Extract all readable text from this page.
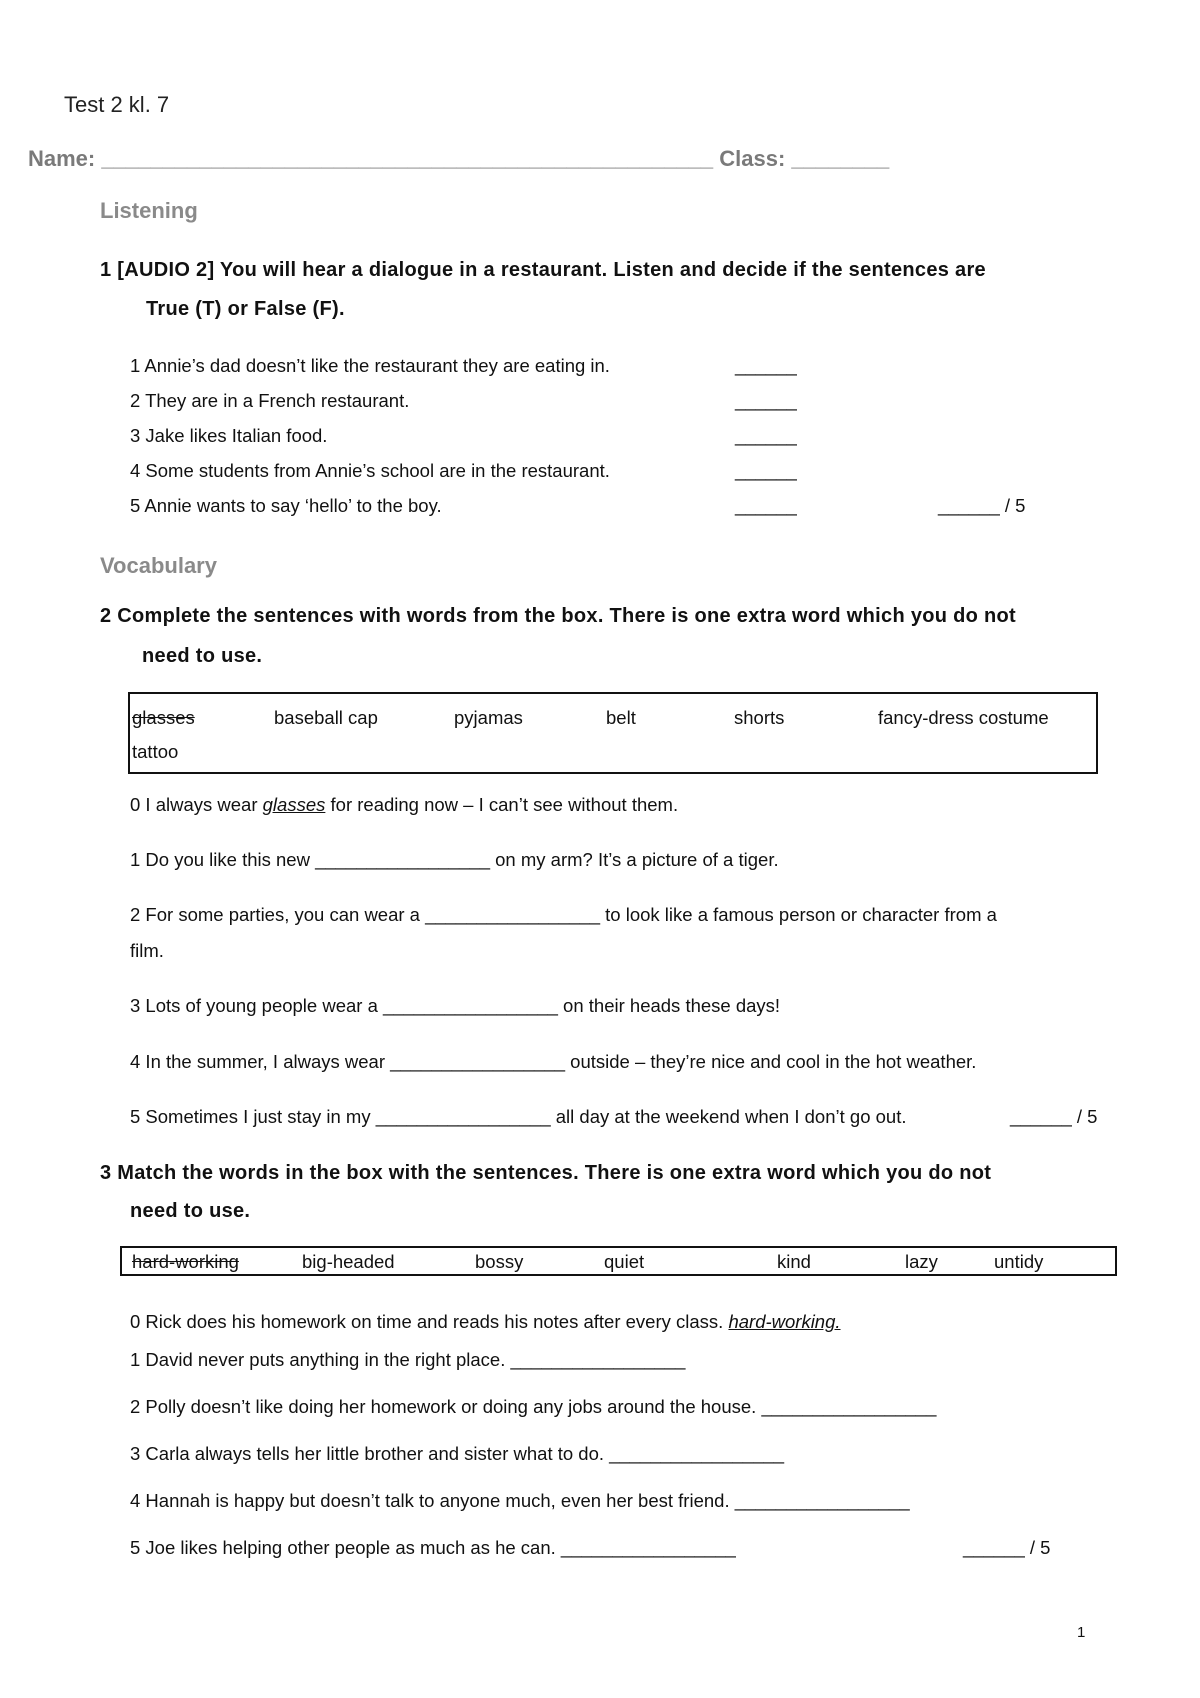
Test 2 kl. 7
Name: __________________________________________________ Class: ________
Listening
1 [AUDIO 2] You will hear a dialogue in a restaurant. Listen and decide if the sentences are
True (T) or False (F).
1 Annie’s dad doesn’t like the restaurant they are eating in.	______
2 They are in a French restaurant.	______
3 Jake likes Italian food.	______
4 Some students from Annie’s school are in the restaurant.	______
5 Annie wants to say ‘hello’ to the boy.	______	______ / 5
Vocabulary
2 Complete the sentences with words from the box. There is one extra word which you do not
need to use.
glasses	baseball cap	pyjamas	belt	shorts	fancy-dress costume
tattoo
0 I always wear glasses for reading now – I can’t see without them.
1 Do you like this new _________________ on my arm? It’s a picture of a tiger.
2 For some parties, you can wear a _________________ to look like a famous person or character from a
film.
3 Lots of young people wear a _________________ on their heads these days!
4 In the summer, I always wear _________________ outside – they’re nice and cool in the hot weather.
5 Sometimes I just stay in my _________________ all day at the weekend when I don’t go out.	______ / 5
3 Match the words in the box with the sentences. There is one extra word which you do not
need to use.
hard-working	big-headed	bossy	quiet	kind	lazy	untidy
0 Rick does his homework on time and reads his notes after every class. hard-working.
1 David never puts anything in the right place. _________________
2 Polly doesn’t like doing her homework or doing any jobs around the house. _________________
3 Carla always tells her little brother and sister what to do. _________________
4 Hannah is happy but doesn’t talk to anyone much, even her best friend. _________________
5 Joe likes helping other people as much as he can. _________________	______ / 5
1
